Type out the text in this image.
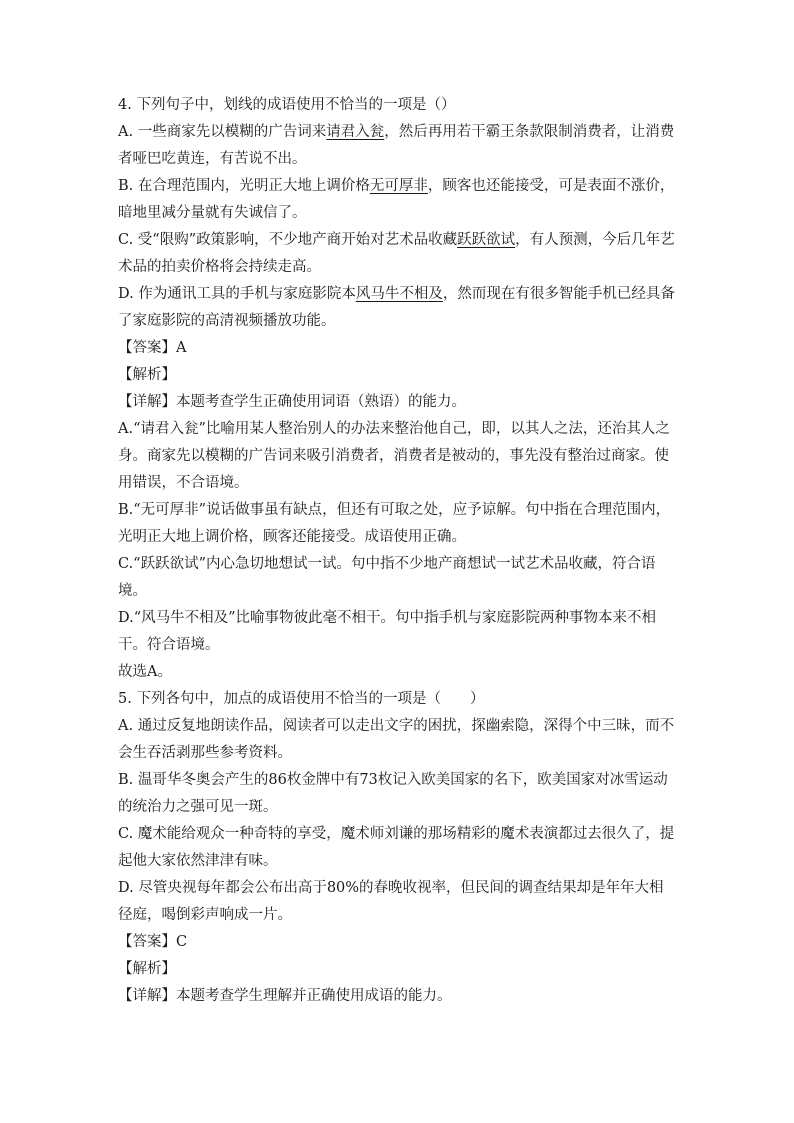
4. 下列句子中，划线的成语使用不恰当的一项是（）

A. 一些商家先以模糊的广告词来请君入瓮，然后再用若干霸王条款限制消费者，让消费者哑巴吃黄连，有苦说不出。

B. 在合理范围内，光明正大地上调价格无可厚非，顾客也还能接受，可是表面不涨价，暗地里减分量就有失诚信了。

C. 受“限购”政策影响，不少地产商开始对艺术品收藏跃跃欲试，有人预测，今后几年艺术品的拍卖价格将会持续走高。

D. 作为通讯工具的手机与家庭影院本风马牛不相及，然而现在有很多智能手机已经具备了家庭影院的高清视频播放功能。

【答案】A

【解析】

【详解】本题考查学生正确使用词语（熟语）的能力。

A.“请君入瓮”比喻用某人整治别人的办法来整治他自己，即，以其人之法，还治其人之身。商家先以模糊的广告词来吸引消费者，消费者是被动的，事先没有整治过商家。使用错误，不合语境。

B.“无可厚非”说话做事虽有缺点，但还有可取之处，应予谅解。句中指在合理范围内，光明正大地上调价格，顾客还能接受。成语使用正确。

C.“跃跃欲试”内心急切地想试一试。句中指不少地产商想试一试艺术品收藏，符合语境。

D.“风马牛不相及”比喻事物彼此毫不相干。句中指手机与家庭影院两种事物本来不相干。符合语境。

故选A。

5. 下列各句中，加点的成语使用不恰当的一项是（　　）

A. 通过反复地朗读作品，阅读者可以走出文字的困扰，探幽索隐，深得个中三昧，而不会生吞活剥那些参考资料。

B. 温哥华冬奥会产生的86枚金牌中有73枚记入欧美国家的名下，欧美国家对冰雪运动的统治力之强可见一斑。

C. 魔术能给观众一种奇特的享受，魔术师刘谦的那场精彩的魔术表演都过去很久了，提起他大家依然津津有味。

D. 尽管央视每年都会公布出高于80%的春晚收视率，但民间的调查结果却是年年大相径庭，喝倒彩声响成一片。

【答案】C

【解析】

【详解】本题考查学生理解并正确使用成语的能力。
